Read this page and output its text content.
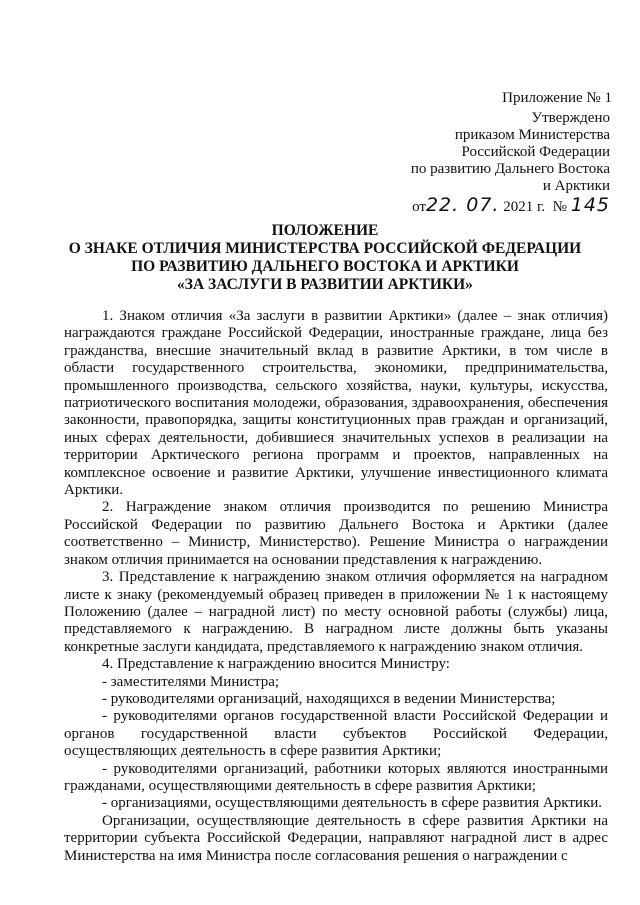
Приложение № 1
Утверждено
приказом Министерства
Российской Федерации
по развитию Дальнего Востока
и Арктики
от22. 07. 2021 г.  № 145
ПОЛОЖЕНИЕ
О ЗНАКЕ ОТЛИЧИЯ МИНИСТЕРСТВА РОССИЙСКОЙ ФЕДЕРАЦИИ
ПО РАЗВИТИЮ ДАЛЬНЕГО ВОСТОКА И АРКТИКИ
«ЗА ЗАСЛУГИ В РАЗВИТИИ АРКТИКИ»

1. Знаком отличия «За заслуги в развитии Арктики» (далее – знак отличия) награждаются граждане Российской Федерации, иностранные граждане, лица без гражданства, внесшие значительный вклад в развитие Арктики, в том числе в области государственного строительства, экономики, предпринимательства, промышленного производства, сельского хозяйства, науки, культуры, искусства, патриотического воспитания молодежи, образования, здравоохранения, обеспечения законности, правопорядка, защиты конституционных прав граждан и организаций, иных сферах деятельности, добившиеся значительных успехов в реализации на территории Арктического региона программ и проектов, направленных на комплексное освоение и развитие Арктики, улучшение инвестиционного климата Арктики.

2. Награждение знаком отличия производится по решению Министра Российской Федерации по развитию Дальнего Востока и Арктики (далее соответственно – Министр, Министерство). Решение Министра о награждении знаком отличия принимается на основании представления к награждению.

3. Представление к награждению знаком отличия оформляется на наградном листе к знаку (рекомендуемый образец приведен в приложении № 1 к настоящему Положению (далее – наградной лист) по месту основной работы (службы) лица, представляемого к награждению. В наградном листе должны быть указаны конкретные заслуги кандидата, представляемого к награждению знаком отличия.

4. Представление к награждению вносится Министру:

- заместителями Министра;

- руководителями организаций, находящихся в ведении Министерства;

- руководителями органов государственной власти Российской Федерации и органов государственной власти субъектов Российской Федерации, осуществляющих деятельность в сфере развития Арктики;

- руководителями организаций, работники которых являются иностранными гражданами, осуществляющими деятельность в сфере развития Арктики;

- организациями, осуществляющими деятельность в сфере развития Арктики.

Организации, осуществляющие деятельность в сфере развития Арктики на территории субъекта Российской Федерации, направляют наградной лист в адрес Министерства на имя Министра после согласования решения о награждении с
